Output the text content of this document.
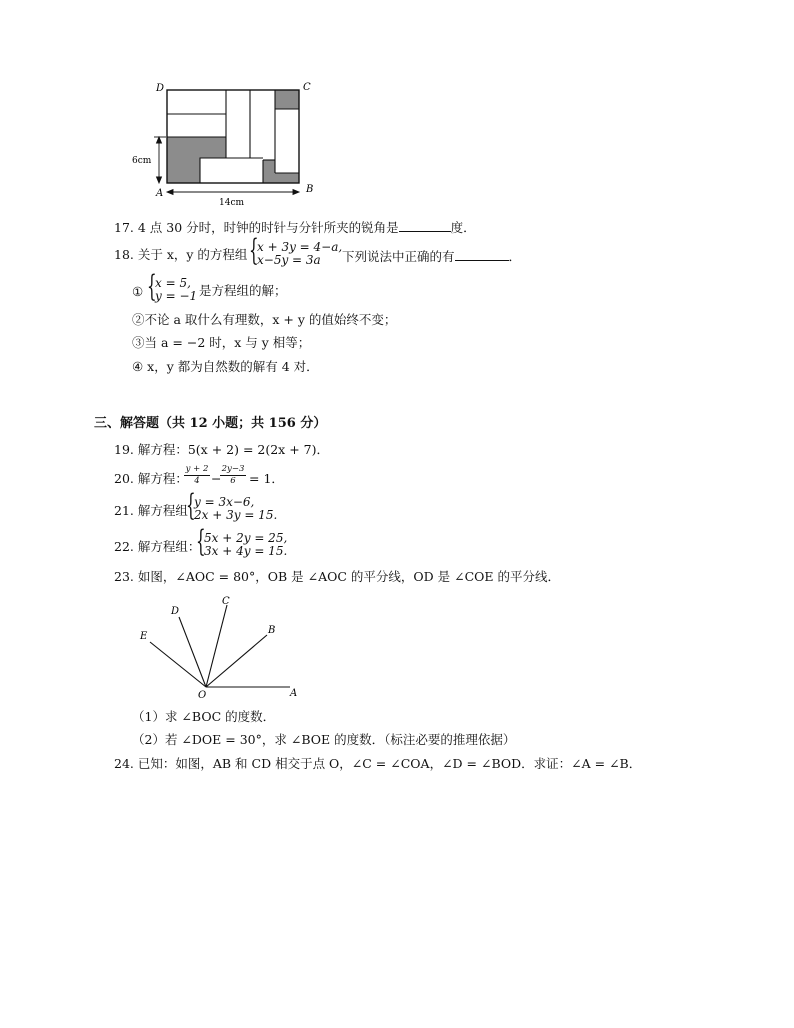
D	C
A	B
6cm
14cm
17. 4 点 30 分时，时钟的时针与分针所夹的锐角是	度．
18. 关于 x，y 的方程组 {
x + 3y = 4−a,
x−5y = 3a 下列说法中正确的有	．
① {
x = 5,
y = −1 是方程组的解；
②不论 a 取什么有理数，x + y 的值始终不变；
③当 a = −2 时，x 与 y 相等；
④ x，y 都为自然数的解有 4 对．
三、解答题（共 12 小题；共 156 分）
19. 解方程：5(x + 2) = 2(2x + 7)．
20. 解方程：
$\frac{y + 2}{4}$ −
$\frac{2y-3}{6} = 1$．
21. 解方程组
{
y = 3x−6,
2x + 3y = 15.
22. 解方程组：
{
5x + 2y = 25,
3x + 4y = 15.
23. 如图，∠AOC = 80°，OB 是 ∠AOC 的平分线，OD 是 ∠COE 的平分线．
D
C
E
B
O	A
（1）求 ∠BOC 的度数．
（2）若 ∠DOE = 30°，求 ∠BOE 的度数．（标注必要的推理依据）
24. 已知：如图，AB 和 CD 相交于点 O，∠C = ∠COA，∠D = ∠BOD．求证：∠A = ∠B．
